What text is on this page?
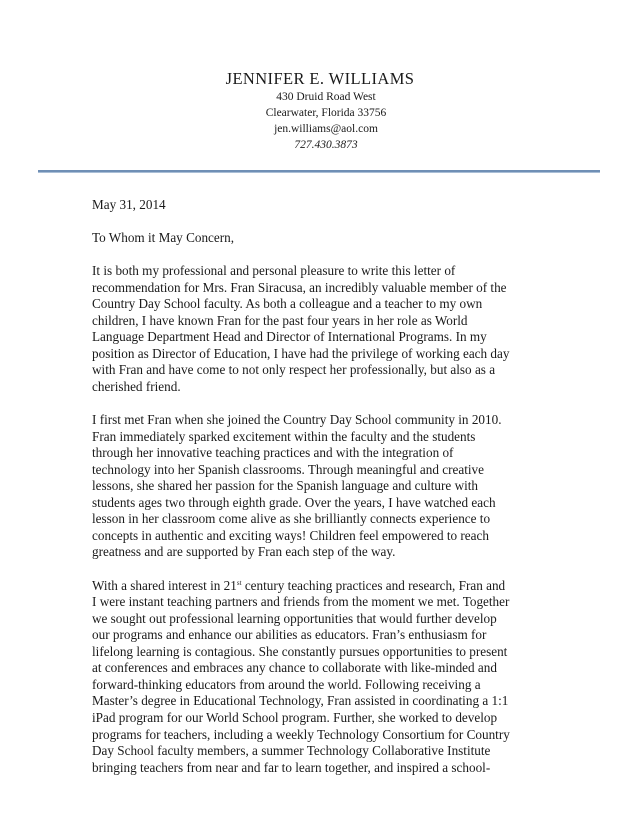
JENNIFER E. WILLIAMS
430 Druid Road West
Clearwater, Florida 33756
jen.williams@aol.com
727.430.3873

May 31, 2014

To Whom it May Concern,

It is both my professional and personal pleasure to write this letter of
recommendation for Mrs. Fran Siracusa, an incredibly valuable member of the
Country Day School faculty. As both a colleague and a teacher to my own
children, I have known Fran for the past four years in her role as World
Language Department Head and Director of International Programs. In my
position as Director of Education, I have had the privilege of working each day
with Fran and have come to not only respect her professionally, but also as a
cherished friend.

I first met Fran when she joined the Country Day School community in 2010.
Fran immediately sparked excitement within the faculty and the students
through her innovative teaching practices and with the integration of
technology into her Spanish classrooms. Through meaningful and creative
lessons, she shared her passion for the Spanish language and culture with
students ages two through eighth grade. Over the years, I have watched each
lesson in her classroom come alive as she brilliantly connects experience to
concepts in authentic and exciting ways! Children feel empowered to reach
greatness and are supported by Fran each step of the way.

With a shared interest in 21st century teaching practices and research, Fran and
I were instant teaching partners and friends from the moment we met. Together
we sought out professional learning opportunities that would further develop
our programs and enhance our abilities as educators. Fran’s enthusiasm for
lifelong learning is contagious. She constantly pursues opportunities to present
at conferences and embraces any chance to collaborate with like-minded and
forward-thinking educators from around the world. Following receiving a
Master’s degree in Educational Technology, Fran assisted in coordinating a 1:1
iPad program for our World School program. Further, she worked to develop
programs for teachers, including a weekly Technology Consortium for Country
Day School faculty members, a summer Technology Collaborative Institute
bringing teachers from near and far to learn together, and inspired a school-
